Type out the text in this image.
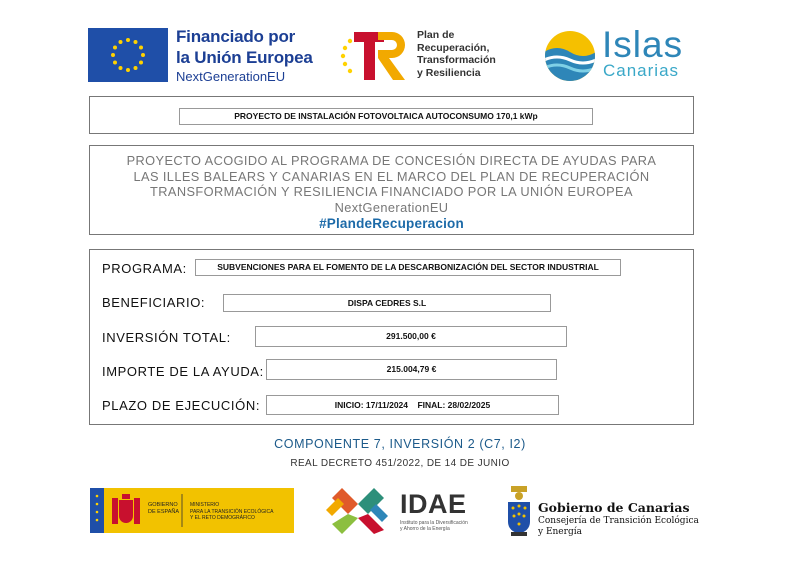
Financiado por
la Unión Europea
NextGenerationEU
Plan de
Recuperación,
Transformación
y Resiliencia
Islas
Canarias
PROYECTO DE INSTALACIÓN FOTOVOLTAICA AUTOCONSUMO 170,1 kWp
PROYECTO ACOGIDO AL PROGRAMA DE CONCESIÓN DIRECTA DE AYUDAS PARA
LAS ILLES BALEARS Y CANARIAS EN EL MARCO DEL PLAN DE RECUPERACIÓN
TRANSFORMACIÓN Y RESILIENCIA FINANCIADO POR LA UNIÓN EUROPEA
NextGenerationEU
#PlandeRecuperacion
PROGRAMA:	SUBVENCIONES PARA EL FOMENTO DE LA DESCARBONIZACIÓN DEL SECTOR INDUSTRIAL
BENEFICIARIO:	DISPA CEDRES S.L
INVERSIÓN TOTAL:	291.500,00 €
IMPORTE DE LA AYUDA:	215.004,79 €
PLAZO DE EJECUCIÓN:	INICIO: 17/11/2024 FINAL: 28/02/2025
COMPONENTE 7, INVERSIÓN 2 (C7, I2)
REAL DECRETO 451/2022, DE 14 DE JUNIO
GOBIERNO
DE ESPAÑA
MINISTERIO
PARA LA TRANSICIÓN ECOLÓGICA
Y EL RETO DEMOGRÁFICO	IDAE
Instituto para la Diversificación
y Ahorro de la Energía
Gobierno de Canarias
Consejería de Transición Ecológica
y Energía
